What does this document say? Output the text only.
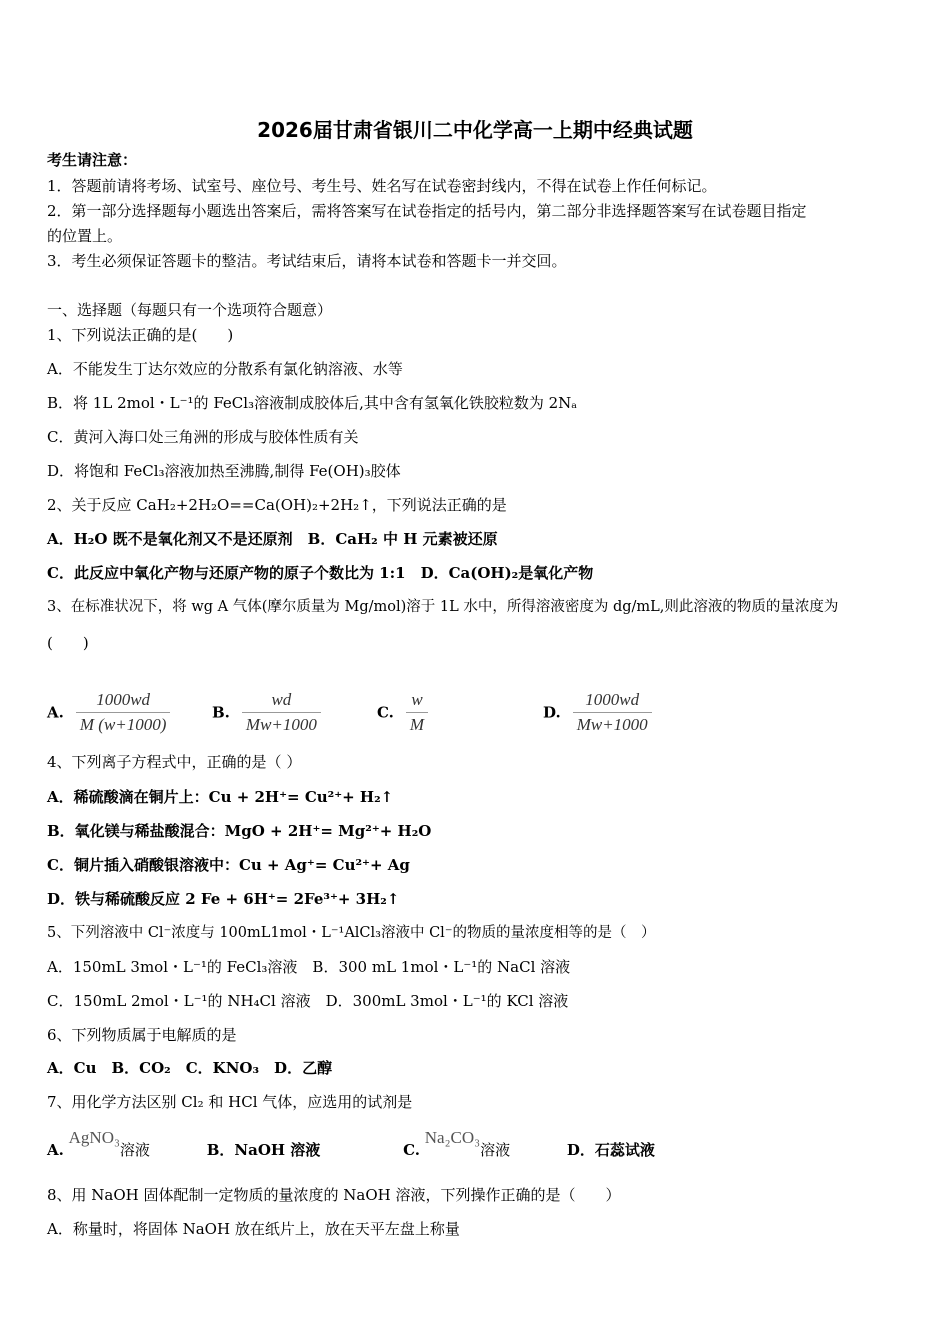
2026届甘肃省银川二中化学高一上期中经典试题
考生请注意：
1．答题前请将考场、试室号、座位号、考生号、姓名写在试卷密封线内，不得在试卷上作任何标记。
2．第一部分选择题每小题选出答案后，需将答案写在试卷指定的括号内，第二部分非选择题答案写在试卷题目指定
的位置上。
3．考生必须保证答题卡的整洁。考试结束后，请将本试卷和答题卡一并交回。
一、选择题（每题只有一个选项符合题意）
1、下列说法正确的是(　　)
A．不能发生丁达尔效应的分散系有氯化钠溶液、水等
B．将 1L 2mol・L⁻¹的 FeCl₃溶液制成胶体后,其中含有氢氧化铁胶粒数为 2Nₐ
C．黄河入海口处三角洲的形成与胶体性质有关
D．将饱和 FeCl₃溶液加热至沸腾,制得 Fe(OH)₃胶体
2、关于反应 CaH₂+2H₂O==Ca(OH)₂+2H₂↑，下列说法正确的是
A．H₂O 既不是氧化剂又不是还原剂　B．CaH₂ 中 H 元素被还原
C．此反应中氧化产物与还原产物的原子个数比为 1:1　D．Ca(OH)₂是氧化产物
3、在标准状况下，将 wg A 气体(摩尔质量为 Mg/mol)溶于 1L 水中，所得溶液密度为 dg/mL,则此溶液的物质的量浓度为
(　　)
A. $\frac{1000wd}{M (w+1000)}$	B. $\frac{wd}{Mw+1000}$	C. $\frac{w}{M}$	D. $\frac{1000wd}{Mw+1000}$
4、下列离子方程式中，正确的是（ ）
A．稀硫酸滴在铜片上：Cu + 2H⁺= Cu²⁺+ H₂↑
B．氧化镁与稀盐酸混合：MgO + 2H⁺= Mg²⁺+ H₂O
C．铜片插入硝酸银溶液中：Cu + Ag⁺= Cu²⁺+ Ag
D．铁与稀硫酸反应 2 Fe + 6H⁺= 2Fe³⁺+ 3H₂↑
5、下列溶液中 Cl⁻浓度与 100mL1mol・L⁻¹AlCl₃溶液中 Cl⁻的物质的量浓度相等的是（　）
A．150mL 3mol・L⁻¹的 FeCl₃溶液　B．300 mL 1mol・L⁻¹的 NaCl 溶液
C．150mL 2mol・L⁻¹的 NH₄Cl 溶液　D．300mL 3mol・L⁻¹的 KCl 溶液
6、下列物质属于电解质的是
A．Cu　B．CO₂　C．KNO₃　D．乙醇
7、用化学方法区别 Cl₂ 和 HCl 气体，应选用的试剂是
A. AgNO₃溶液	B．NaOH 溶液	C. Na₂CO₃溶液	D．石蕊试液
8、用 NaOH 固体配制一定物质的量浓度的 NaOH 溶液，下列操作正确的是（　　）
A．称量时，将固体 NaOH 放在纸片上，放在天平左盘上称量
